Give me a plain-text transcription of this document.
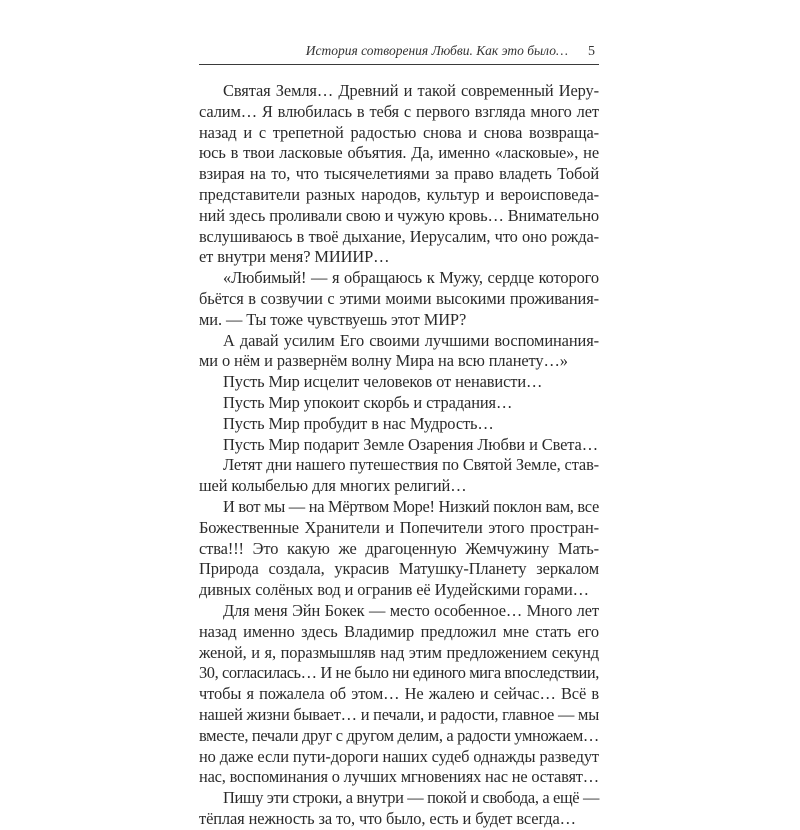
История сотворения Любви. Как это было… 5
Святая Земля… Древний и такой современный Иеру-
салим… Я влюбилась в тебя с первого взгляда много лет
назад и с трепетной радостью снова и снова возвраща-
юсь в твои ласковые объятия. Да, именно «ласковые», не
взирая на то, что тысячелетиями за право владеть Тобой
представители разных народов, культур и вероисповедa-
ний здесь проливали свою и чужую кровь… Внимательно
вслушиваюсь в твоё дыхание, Иерусалим, что оно рождa-
ет внутри меня? МИИИР…
«Любимый! — я обращаюсь к Мужу, сердце которого
бьётся в созвучии с этими моими высокими проживания-
ми. — Ты тоже чувствуешь этот МИР?
А давай усилим Его своими лучшими воспоминания-
ми о нём и развернём волну Мира на всю планету…»
Пусть Мир исцелит человеков от ненависти…
Пусть Мир упокоит скорбь и страдания…
Пусть Мир пробудит в нас Мудрость…
Пусть Мир подарит Земле Озарения Любви и Света…
Летят дни нашего путешествия по Святой Земле, став-
шей колыбелью для многих религий…
И вот мы — на Мёртвом Море! Низкий поклон вам, все
Божественные Хранители и Попечители этого простран-
ства!!! Это какую же драгоценную Жемчужину Мать-
Природа создала, украсив Матушку-Планету зеркалом
дивных солёных вод и огранив её Иудейскими горами…
Для меня Эйн Бокек — место особенное… Много лет
назад именно здесь Владимир предложил мне стать его
женой, и я, поразмышляв над этим предложением секунд
30, согласилась… И не было ни единого мига впоследствии,
чтобы я пожалела об этом… Не жалею и сейчас… Всё в
нашей жизни бывает… и печали, и радости, главное — мы
вместе, печали друг с другом делим, а радости умножаем…
но даже если пути-дороги наших судеб однажды разведут
нас, воспоминания о лучших мгновениях нас не оставят…
Пишу эти строки, а внутри — покой и свобода, а ещё —
тёплая нежность за то, что было, есть и будет всегда…
